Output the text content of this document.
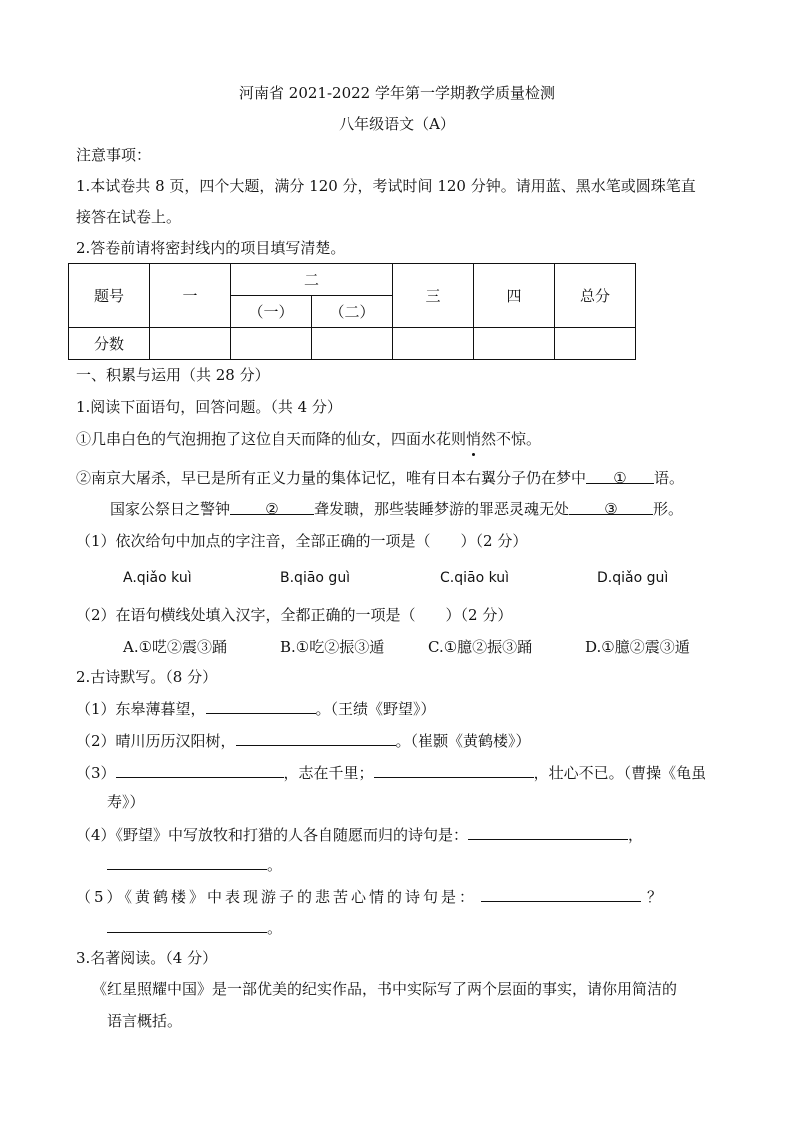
河南省 2021-2022 学年第一学期教学质量检测
八年级语文（A）
注意事项：
1.本试卷共 8 页，四个大题，满分 120 分，考试时间 120 分钟。请用蓝、黑水笔或圆珠笔直
接答在试卷上。
2.答卷前请将密封线内的项目填写清楚。
题号	一	二		三	四	总分
		（一）	（二）			
分数						
一、积累与运用（共 28 分）
1.阅读下面语句，回答问题。（共 4 分）
①几串白色的气泡拥抱了这位自天而降的仙女，四面水花则悄然不惊。
②南京大屠杀，早已是所有正义力量的集体记忆，唯有日本右翼分子仍在梦中 ① 语。
国家公祭日之警钟 ② 聋发聩，那些装睡梦游的罪恶灵魂无处 ③ 形。
（1）依次给句中加点的字注音，全部正确的一项是（　　）（2 分）
A.qiǎo kuì	B.qiāo guì	C.qiāo kuì	D.qiǎo guì
（2）在语句横线处填入汉字，全都正确的一项是（　　）（2 分）
A.①呓②震③踊	B.①吃②振③遁	C.①臆②振③踊	D.①臆②震③遁
2.古诗默写。（8 分）
（1）东皋薄暮望，	。（王绩《野望》）
（2）晴川历历汉阳树，	。（崔颢《黄鹤楼》）
（3）	，志在千里；	，壮心不已。（曹操《龟虽
寿》）
（4）《野望》中写放牧和打猎的人各自随愿而归的诗句是：	，
。
（5）《黄鹤楼》中表现游子的悲苦心情的诗句是：	？
。
3.名著阅读。（4 分）
《红星照耀中国》是一部优美的纪实作品，书中实际写了两个层面的事实，请你用简洁的
语言概括。
